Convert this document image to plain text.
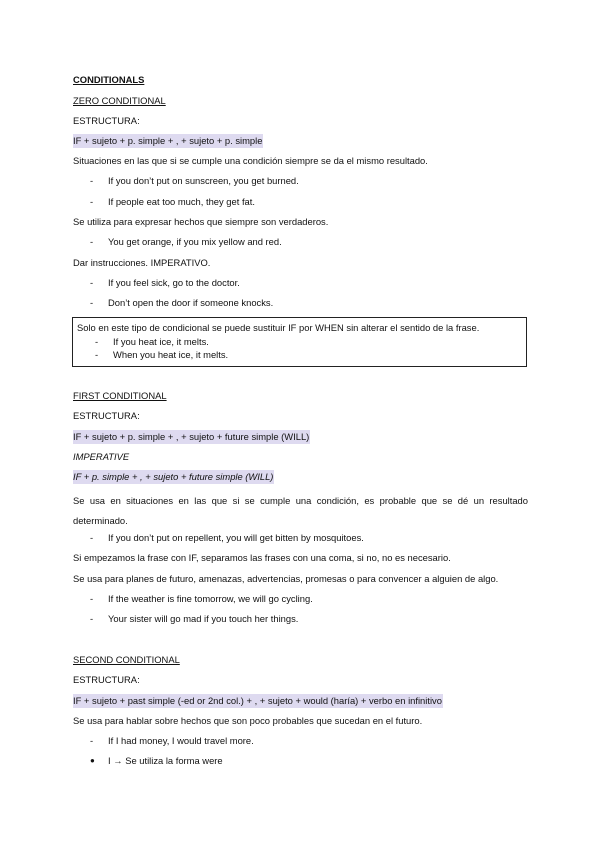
CONDITIONALS
ZERO CONDITIONAL
ESTRUCTURA:
IF + sujeto + p. simple + , + sujeto + p. simple
Situaciones en las que si se cumple una condición siempre se da el mismo resultado.
- If you don’t put on sunscreen, you get burned.
- If people eat too much, they get fat.
Se utiliza para expresar hechos que siempre son verdaderos.
- You get orange, if you mix yellow and red.
Dar instrucciones. IMPERATIVO.
- If you feel sick, go to the doctor.
- Don’t open the door if someone knocks.
Solo en este tipo de condicional se puede sustituir IF por WHEN sin alterar el sentido de la frase.
- If you heat ice, it melts.
- When you heat ice, it melts.
FIRST CONDITIONAL
ESTRUCTURA:
IF + sujeto + p. simple + , + sujeto + future simple (WILL)
IMPERATIVE
IF + p. simple + , + sujeto + future simple (WILL)
Se usa en situaciones en las que si se cumple una condición, es probable que se dé un resultado determinado.
- If you don’t put on repellent, you will get bitten by mosquitoes.
Si empezamos la frase con IF, separamos las frases con una coma, si no, no es necesario.
Se usa para planes de futuro, amenazas, advertencias, promesas o para convencer a alguien de algo.
- If the weather is fine tomorrow, we will go cycling.
- Your sister will go mad if you touch her things.
SECOND CONDITIONAL
ESTRUCTURA:
IF + sujeto + past simple (-ed or 2nd col.) + , + sujeto + would (haría) + verbo en infinitivo
Se usa para hablar sobre hechos que son poco probables que sucedan en el futuro.
- If I had money, I would travel more.
● I → Se utiliza la forma were
